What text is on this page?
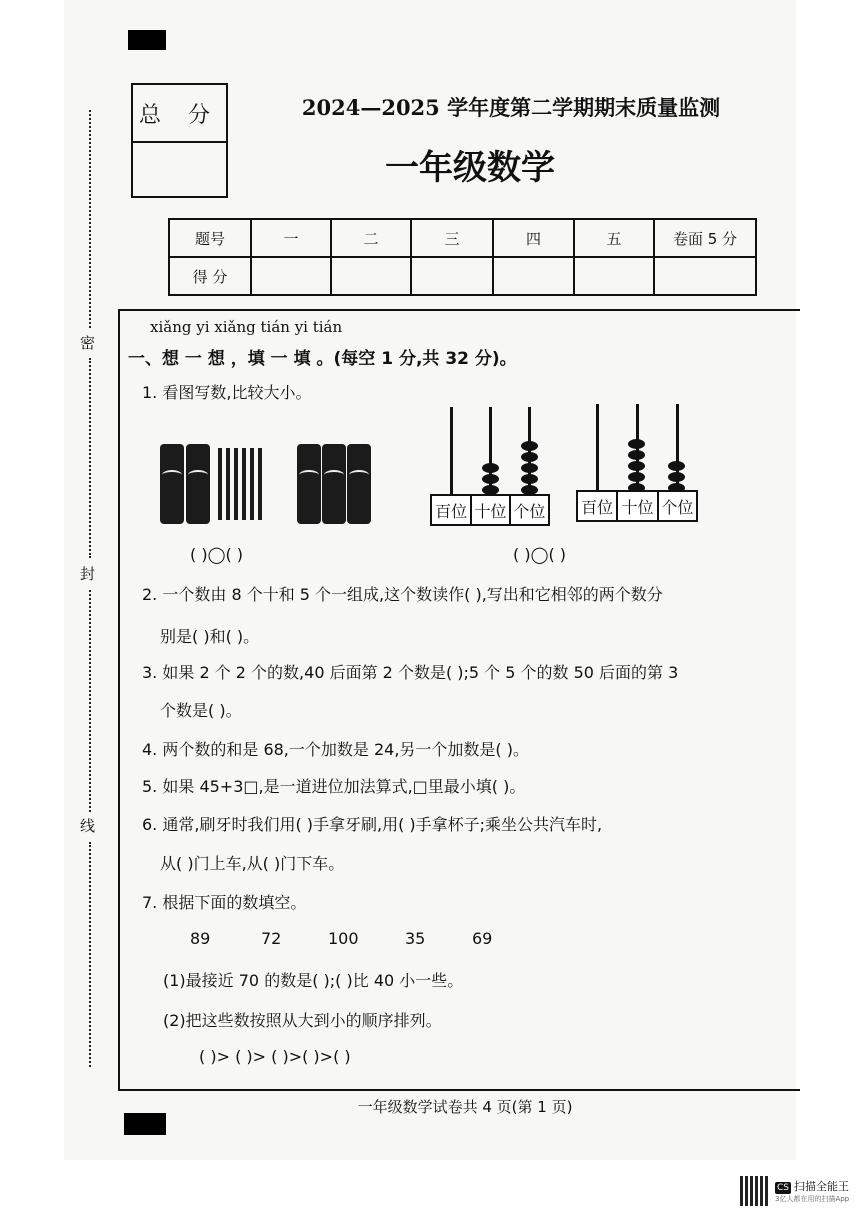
密
封
线
总 分	2024—2025 学年度第二学期期末质量监测
一年级数学
题号	一	二	三	四	五	卷面 5 分
得 分						
xiǎng yi xiǎng tián yi tián
一、想 一 想 ，填 一 填 。(每空 1 分,共 32 分)。
1. 看图写数,比较大小。
百位 十位 个位 百位 十位 个位
( )◯( )	( )◯( )
2. 一个数由 8 个十和 5 个一组成,这个数读作( ),写出和它相邻的两个数分
别是( )和( )。
3. 如果 2 个 2 个的数,40 后面第 2 个数是( );5 个 5 个的数 50 后面的第 3
个数是( )。
4. 两个数的和是 68,一个加数是 24,另一个加数是( )。
5. 如果 45+3□,是一道进位加法算式,□里最小填( )。
6. 通常,刷牙时我们用( )手拿牙刷,用( )手拿杯子;乘坐公共汽车时,
从( )门上车,从( )门下车。
7. 根据下面的数填空。
89	72	100	35	69
(1)最接近 70 的数是( );( )比 40 小一些。
(2)把这些数按照从大到小的顺序排列。
( )> ( )> ( )>( )>( )
一年级数学试卷共 4 页(第 1 页)
CS 扫描全能王
3亿人都在用的扫描App
